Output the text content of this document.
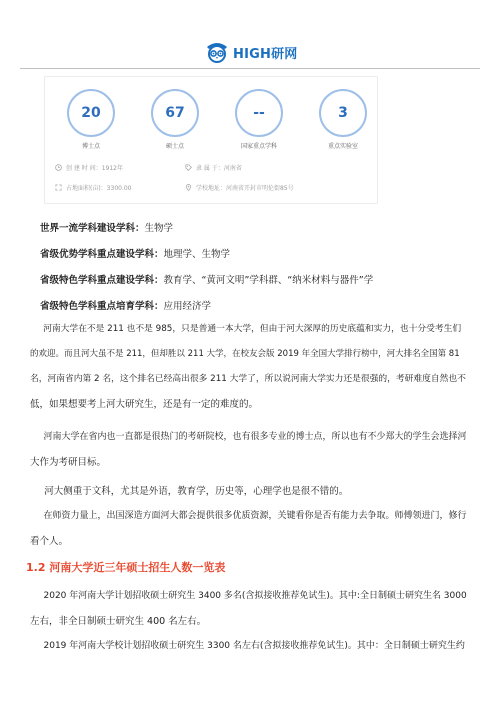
HIGH研网
20
博士点
67
硕士点
--
国家重点学科
3
重点实验室
创 建 时 间：1912年	隶 属 于：河南省
占地面积(亩)：3300.00	学校地址：河南省开封市明伦街85号
世界一流学科建设学科：生物学
省级优势学科重点建设学科：地理学、生物学
省级特色学科重点建设学科：教育学、“黄河文明”学科群、“纳米材料与器件”学
省级特色学科重点培育学科：应用经济学
河南大学在不是 211 也不是 985，只是普通一本大学，但由于河大深厚的历史底蕴和实力，也十分受考生们
的欢迎。而且河大虽不是 211，但却胜以 211 大学，在校友会版 2019 年全国大学排行榜中，河大排名全国第 81
名，河南省内第 2 名，这个排名已经高出很多 211 大学了，所以说河南大学实力还是很强的，考研难度自然也不
低，如果想要考上河大研究生，还是有一定的难度的。
河南大学在省内也一直都是很热门的考研院校，也有很多专业的博士点，所以也有不少郑大的学生会选择河
大作为考研目标。
河大侧重于文科，尤其是外语，教育学，历史等，心理学也是很不错的。
在师资力量上，出国深造方面河大都会提供很多优质资源，关键看你是否有能力去争取。师傅领进门，修行
看个人。
1.2 河南大学近三年硕士招生人数一览表
2020 年河南大学计划招收硕士研究生 3400 多名(含拟接收推荐免试生)。其中:全日制硕士研究生名 3000
左右，非全日制硕士研究生 400 名左右。
2019 年河南大学校计划招收硕士研究生 3300 名左右(含拟接收推荐免试生)。其中：全日制硕士研究生约
